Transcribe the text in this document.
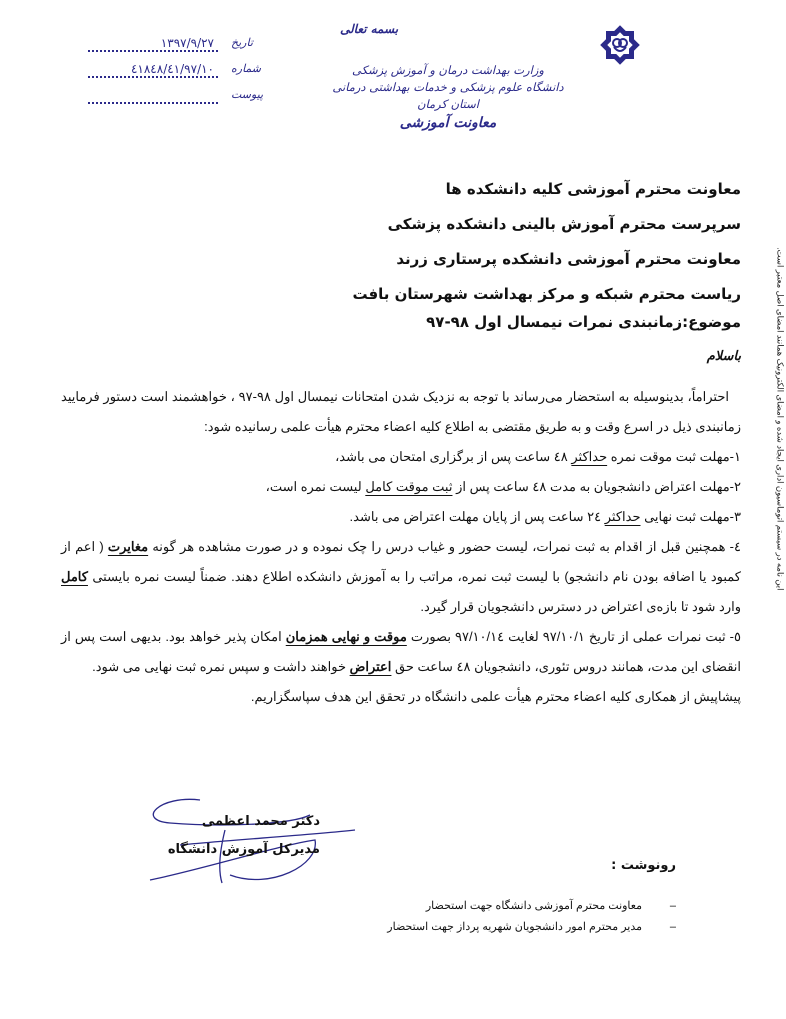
بسمه تعالی
وزارت بهداشت درمان و آموزش پزشکی
دانشگاه علوم پزشکی و خدمات بهداشتی درمانی استان کرمان
معاونت آموزشی
۱۳۹۷/۹/۲۷	تاریخ
۹۷/۱۰/٤۱/٤۱۸٤۸	شماره
پیوست
معاونت محترم آموزشی کلیه دانشکده ها
سرپرست محترم آموزش بالینی دانشکده پزشکی
معاونت محترم آموزشی دانشکده پرستاری زرند
ریاست محترم شبکه و مرکز بهداشت شهرستان بافت
موضوع:زمانبندی نمرات نیمسال اول ۹۸-۹۷
باسلام

احتراماً، بدینوسیله به استحضار می‌رساند با توجه به نزدیک شدن امتحانات نیمسال اول ۹۸-۹۷ ، خواهشمند است دستور فرمایید زمانبندی ذیل در اسرع وقت و به طریق مقتضی به اطلاع کلیه اعضاء محترم هیأت علمی رسانیده شود:

۱-مهلت ثبت موقت نمره حداکثر ٤۸ ساعت پس از برگزاری امتحان می باشد،

۲-مهلت اعتراض دانشجویان به مدت ٤۸ ساعت پس از ثبت موقت کامل لیست نمره است،

۳-مهلت ثبت نهایی حداکثر ۲٤ ساعت پس از پایان مهلت اعتراض می باشد.

٤- همچنین قبل از اقدام به ثبت نمرات، لیست حضور و غیاب درس را چک نموده و در صورت مشاهده هر گونه مغایرت ( اعم از کمبود یا اضافه بودن نام دانشجو) با لیست ثبت نمره، مراتب را به آموزش دانشکده اطلاع دهند. ضمناً لیست نمره بایستی کامل وارد شود تا بازه‌ی اعتراض در دسترس دانشجویان قرار گیرد.

٥- ثبت نمرات عملی از تاریخ ۹۷/۱۰/۱ لغایت ۹۷/۱۰/۱٤ بصورت موقت و نهایی همزمان امکان پذیر خواهد بود. بدیهی است پس از انقضای این مدت، همانند دروس تئوری، دانشجویان ٤۸ ساعت حق اعتراض خواهند داشت و سپس نمره ثبت نهایی می شود.

پیشاپیش از همکاری کلیه اعضاء محترم هیأت علمی دانشگاه در تحقق این هدف سپاسگزاریم.

دکتر محمد اعظمی
مدیرکل آموزش دانشگاه
رونوشت :
–
معاونت محترم آموزشی دانشگاه جهت استحضار
–
مدیر محترم امور دانشجویان شهریه پرداز جهت استحضار
این نامه در سیستم اتوماسیون اداری ایجاد شده و امضای الکترونیک همانند امضای اصل معتبر است.
